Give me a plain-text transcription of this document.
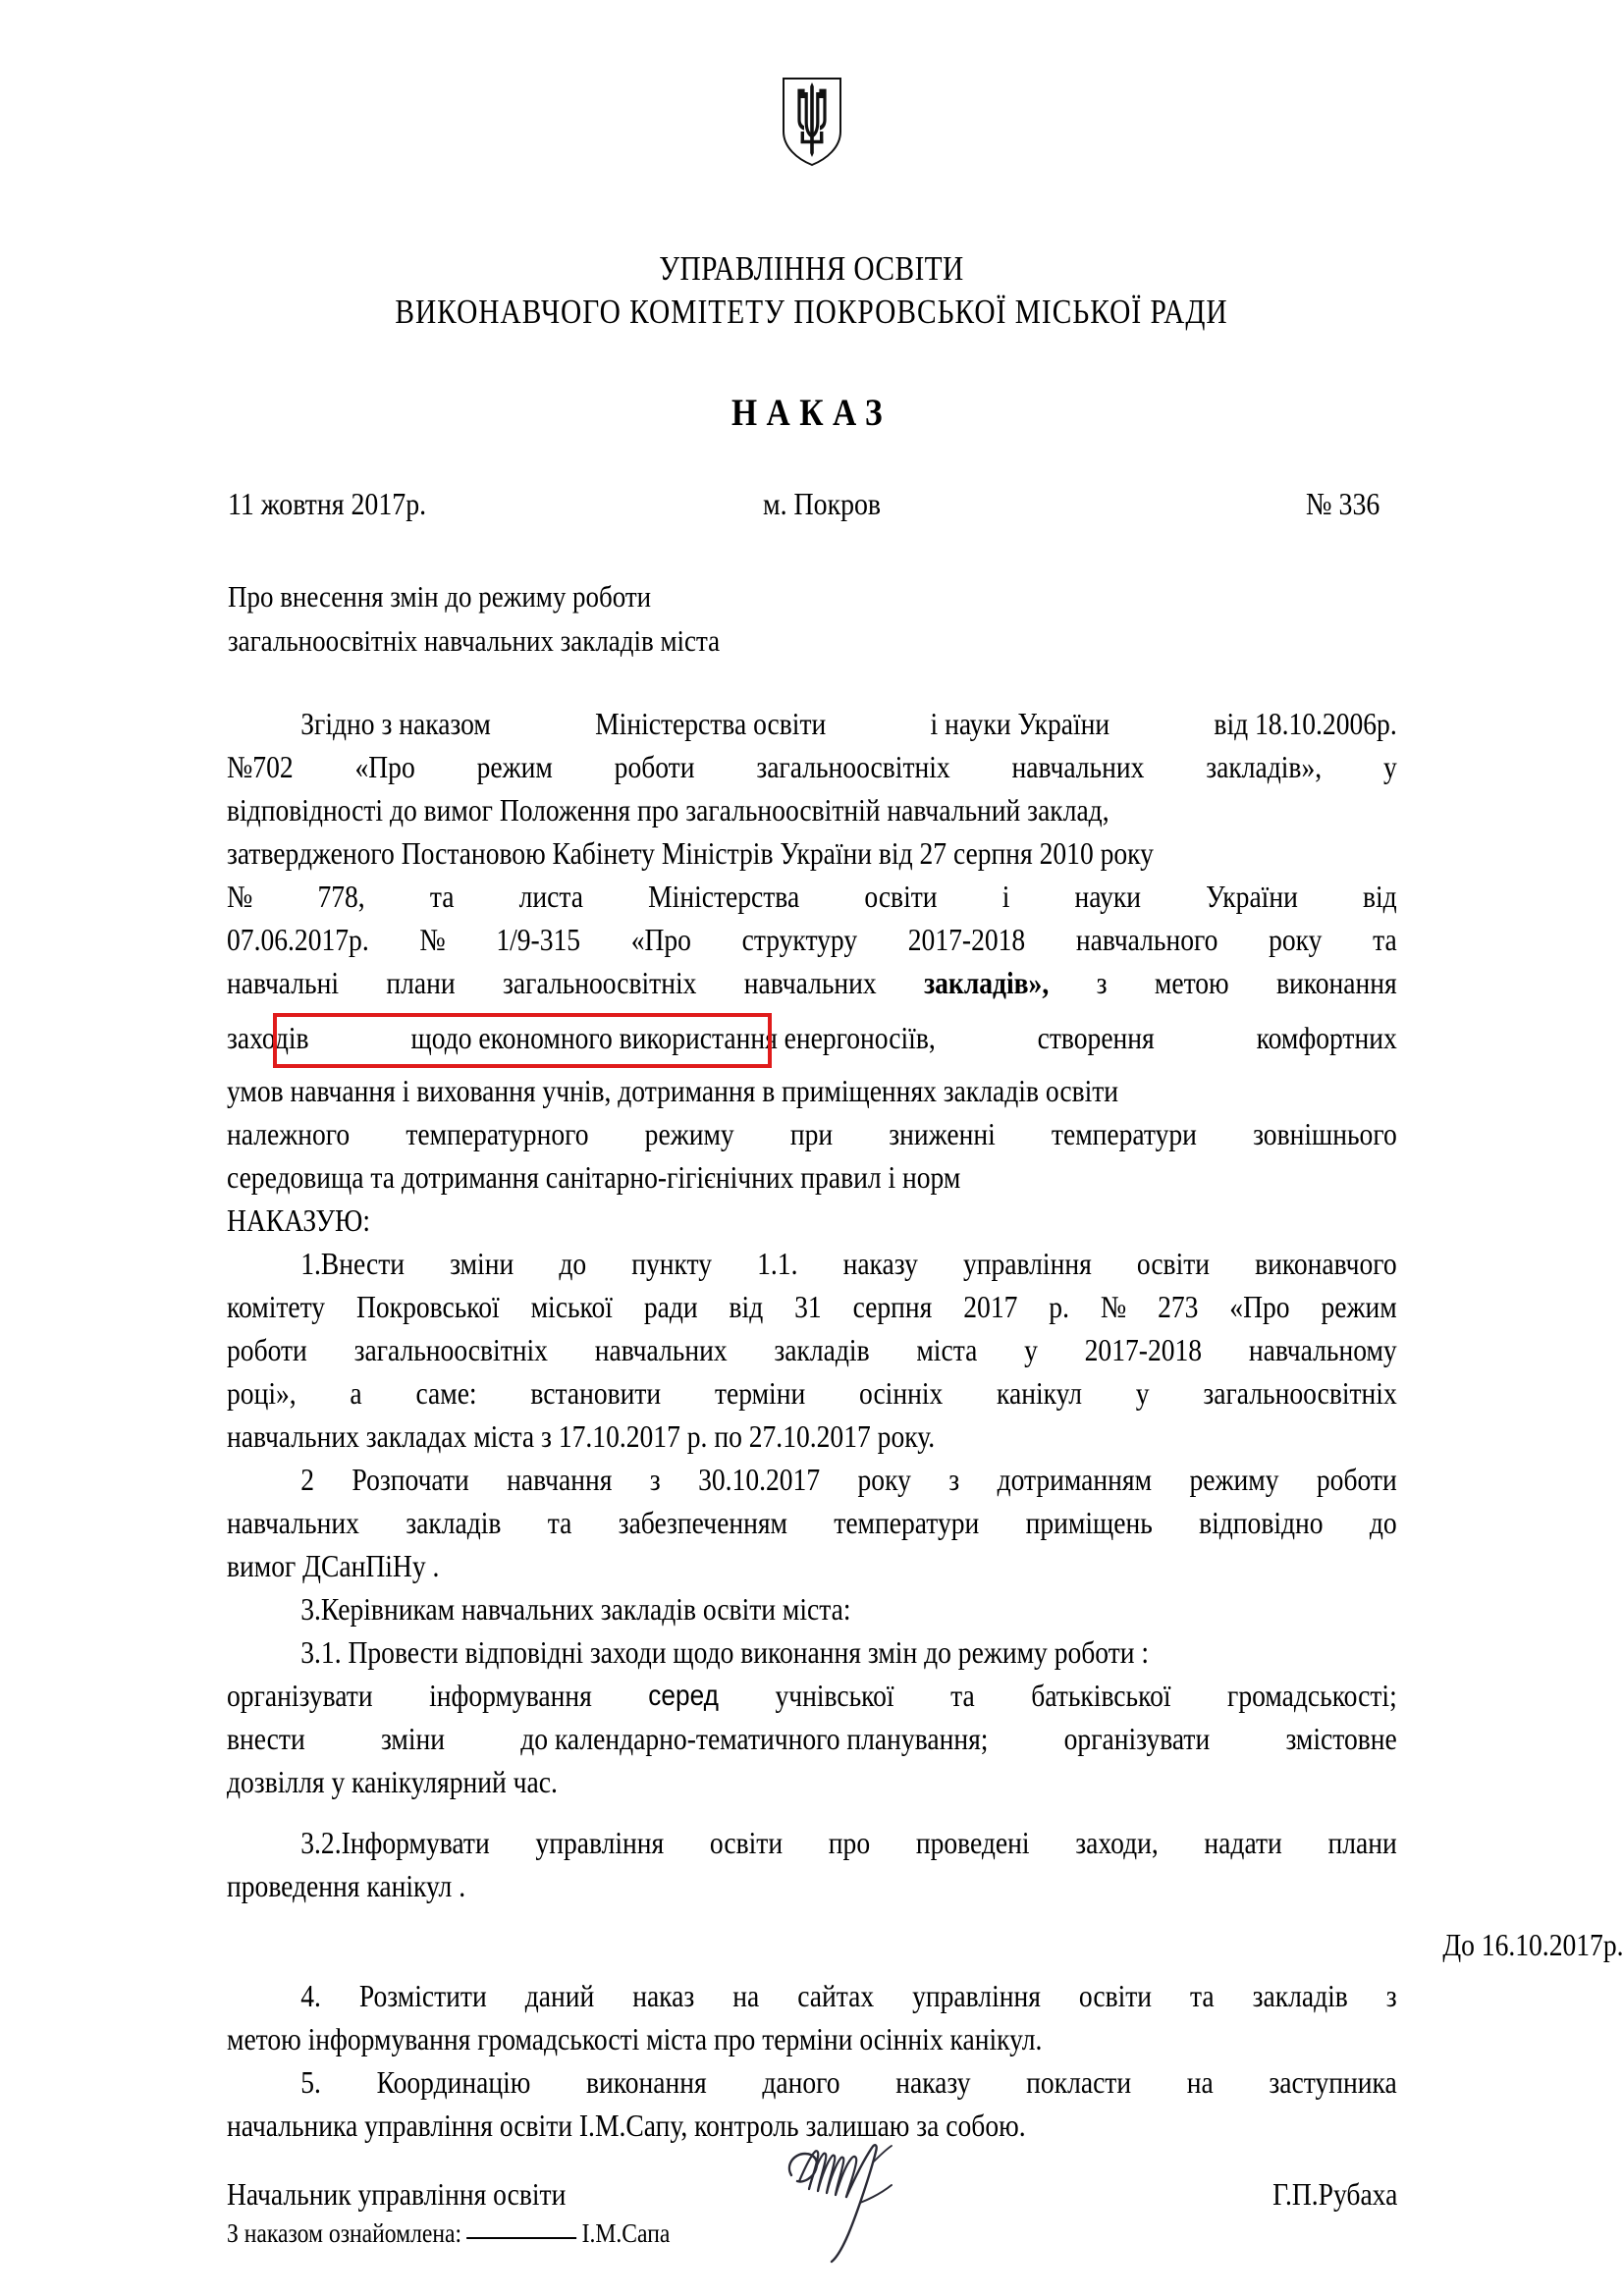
УПРАВЛІННЯ ОСВІТИ
ВИКОНАВЧОГО КОМІТЕТУ ПОКРОВСЬКОЇ МІСЬКОЇ РАДИ
НАКАЗ
11 жовтня 2017р.	м. Покров	№ 336
Про внесення змін до режиму роботи
загальноосвітніх навчальних закладів міста
Згідно з наказом	Міністерства освіти	і науки України	від 18.10.2006р.
№702 «Про режим роботи загальноосвітніх навчальних закладів», у
відповідності до вимог Положення про загальноосвітній навчальний заклад,
затвердженого Постановою Кабінету Міністрів України від 27 серпня 2010 року
№ 778, та листа Міністерства освіти і науки України від
07.06.2017р. № 1/9-315 «Про структуру 2017-2018 навчального року та
навчальні плани загальноосвітніх навчальних закладів», з метою виконання
заходів	щодо економного використання енергоносіїв,	створення	комфортних
умов навчання і виховання учнів, дотримання в приміщеннях закладів освіти
належного температурного режиму при зниженні температури зовнішнього
середовища та дотримання санітарно-гігієнічних правил і норм
НАКАЗУЮ:
1.Внести зміни до пункту 1.1. наказу управління освіти виконавчого
комітету Покровської міської ради від 31 серпня 2017 р. № 273 «Про режим
роботи загальноосвітніх навчальних закладів міста у 2017-2018 навчальному
році», а саме: встановити терміни осінніх канікул у загальноосвітніх
навчальних закладах міста з 17.10.2017 р. по 27.10.2017 року.
2 Розпочати навчання з 30.10.2017 року з дотриманням режиму роботи
навчальних закладів та забезпеченням температури приміщень відповідно до
вимог ДСанПіНу .
3.Керівникам навчальних закладів освіти міста:
3.1. Провести відповідні заходи щодо виконання змін до режиму роботи :
організувати інформування серед учнівської та батьківської громадськості;
внести зміни до календарно-тематичного планування; організувати змістовне
дозвілля у канікулярний час.
3.2.Інформувати управління освіти про проведені заходи, надати плани
проведення канікул .
До 16.10.2017р.
4. Розмістити даний наказ на сайтах управління освіти та закладів з
метою інформування громадськості міста про терміни осінніх канікул.
5. Координацію виконання даного наказу покласти на заступника
начальника управління освіти І.М.Сапу, контроль залишаю за собою.
Начальник управління освіти	Г.П.Рубаха
З наказом ознайомлена:	І.М.Сапа
